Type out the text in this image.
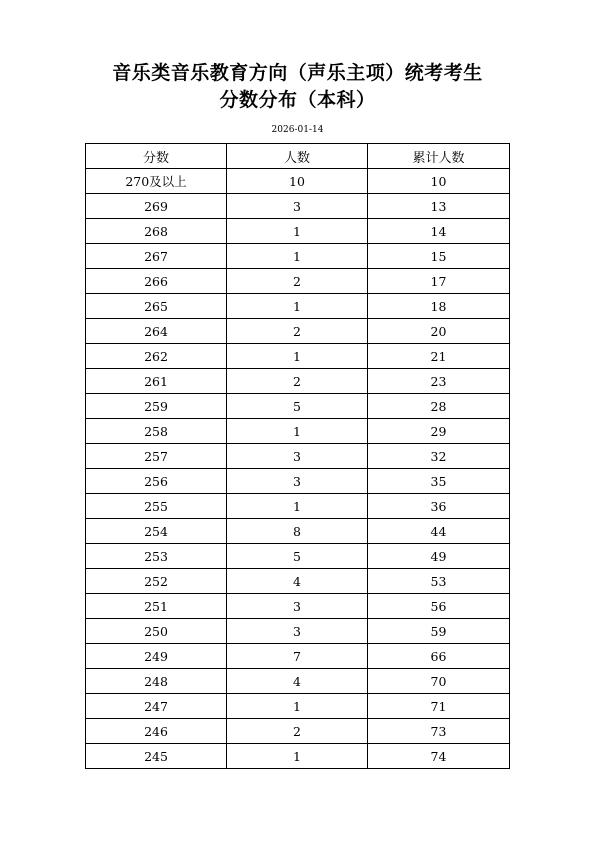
音乐类音乐教育方向（声乐主项）统考考生
分数分布（本科）
2026-01-14
分数	人数	累计人数
270及以上	10	10
269	3	13
268	1	14
267	1	15
266	2	17
265	1	18
264	2	20
262	1	21
261	2	23
259	5	28
258	1	29
257	3	32
256	3	35
255	1	36
254	8	44
253	5	49
252	4	53
251	3	56
250	3	59
249	7	66
248	4	70
247	1	71
246	2	73
245	1	74
